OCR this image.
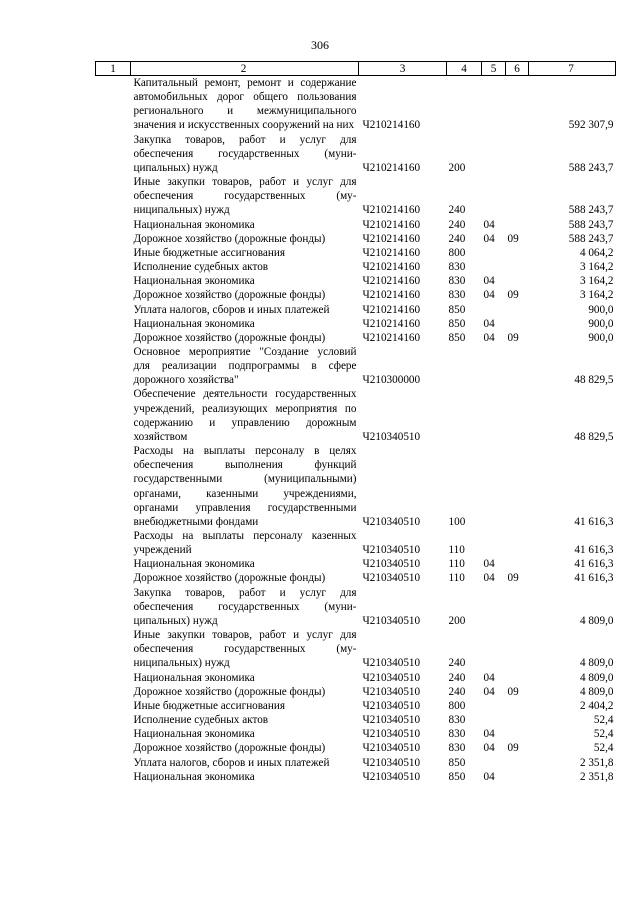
306
1	2	3	4	5	6	7
	Капитальный ремонт, ремонт и содержание автомобильных дорог общего пользования регионального и межмуниципального значения и искусственных сооружений на них	Ч210214160				592 307,9
	Закупка товаров, работ и услуг для обеспечения государственных (муниципальных) нужд	Ч210214160	200			588 243,7
	Иные закупки товаров, работ и услуг для обеспечения государственных (муниципальных) нужд	Ч210214160	240			588 243,7
	Национальная экономика	Ч210214160	240	04		588 243,7
	Дорожное хозяйство (дорожные фонды)	Ч210214160	240	04	09	588 243,7
	Иные бюджетные ассигнования	Ч210214160	800			4 064,2
	Исполнение судебных актов	Ч210214160	830			3 164,2
	Национальная экономика	Ч210214160	830	04		3 164,2
	Дорожное хозяйство (дорожные фонды)	Ч210214160	830	04	09	3 164,2
	Уплата налогов, сборов и иных платежей	Ч210214160	850			900,0
	Национальная экономика	Ч210214160	850	04		900,0
	Дорожное хозяйство (дорожные фонды)	Ч210214160	850	04	09	900,0
	Основное мероприятие "Создание условий для реализации подпрограммы в сфере дорожного хозяйства"	Ч210300000				48 829,5
	Обеспечение деятельности государственных учреждений, реализующих мероприятия по содержанию и управлению дорожным хозяйством	Ч210340510				48 829,5
	Расходы на выплаты персоналу в целях обеспечения выполнения функций государственными (муниципальными) органами, казенными учреждениями, органами управления государственными внебюджетными фондами	Ч210340510	100			41 616,3
	Расходы на выплаты персоналу казенных учреждений	Ч210340510	110			41 616,3
	Национальная экономика	Ч210340510	110	04		41 616,3
	Дорожное хозяйство (дорожные фонды)	Ч210340510	110	04	09	41 616,3
	Закупка товаров, работ и услуг для обеспечения государственных (муниципальных) нужд	Ч210340510	200			4 809,0
	Иные закупки товаров, работ и услуг для обеспечения государственных (муниципальных) нужд	Ч210340510	240			4 809,0
	Национальная экономика	Ч210340510	240	04		4 809,0
	Дорожное хозяйство (дорожные фонды)	Ч210340510	240	04	09	4 809,0
	Иные бюджетные ассигнования	Ч210340510	800			2 404,2
	Исполнение судебных актов	Ч210340510	830			52,4
	Национальная экономика	Ч210340510	830	04		52,4
	Дорожное хозяйство (дорожные фонды)	Ч210340510	830	04	09	52,4
	Уплата налогов, сборов и иных платежей	Ч210340510	850			2 351,8
	Национальная экономика	Ч210340510	850	04		2 351,8
